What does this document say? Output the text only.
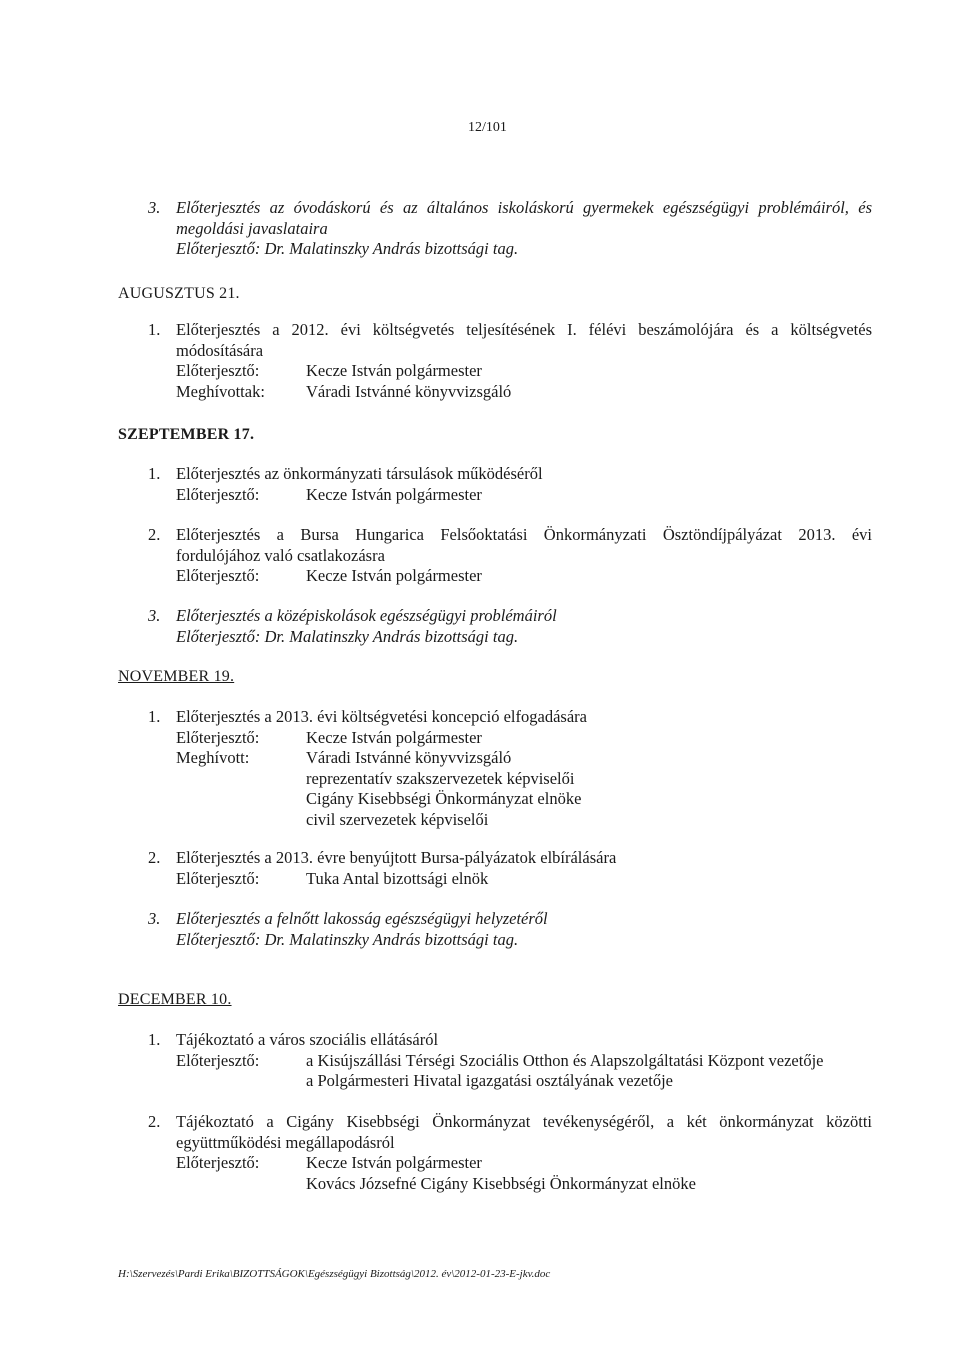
12/101
3. Előterjesztés az óvodáskorú és az általános iskoláskorú gyermekek egészségügyi problémáiról, és
megoldási javaslataira
Előterjesztő: Dr. Malatinszky András bizottsági tag.
AUGUSZTUS 21.
1. Előterjesztés a 2012. évi költségvetés teljesítésének I. félévi beszámolójára és a költségvetés
módosítására
Előterjesztő:	Kecze István polgármester
Meghívottak:	Váradi Istvánné könyvvizsgáló
SZEPTEMBER 17.
1. Előterjesztés az önkormányzati társulások működéséről
Előterjesztő:	Kecze István polgármester
2. Előterjesztés a Bursa Hungarica Felsőoktatási Önkormányzati Ösztöndíjpályázat 2013. évi
fordulójához való csatlakozásra
Előterjesztő:	Kecze István polgármester
3. Előterjesztés a középiskolások egészségügyi problémáiról
Előterjesztő: Dr. Malatinszky András bizottsági tag.
NOVEMBER 19.
1. Előterjesztés a 2013. évi költségvetési koncepció elfogadására
Előterjesztő:	Kecze István polgármester
Meghívott:	Váradi Istvánné könyvvizsgáló
reprezentatív szakszervezetek képviselői
Cigány Kisebbségi Önkormányzat elnöke
civil szervezetek képviselői
2. Előterjesztés a 2013. évre benyújtott Bursa-pályázatok elbírálására
Előterjesztő:	Tuka Antal bizottsági elnök
3. Előterjesztés a felnőtt lakosság egészségügyi helyzetéről
Előterjesztő: Dr. Malatinszky András bizottsági tag.
DECEMBER 10.
1. Tájékoztató a város szociális ellátásáról
Előterjesztő:	a Kisújszállási Térségi Szociális Otthon és Alapszolgáltatási Központ vezetője
a Polgármesteri Hivatal igazgatási osztályának vezetője
2. Tájékoztató a Cigány Kisebbségi Önkormányzat tevékenységéről, a két önkormányzat közötti
együttműködési megállapodásról
Előterjesztő:	Kecze István polgármester
Kovács Józsefné Cigány Kisebbségi Önkormányzat elnöke
H:\Szervezés\Pardi Erika\BIZOTTSÁGOK\Egészségügyi Bizottság\2012. év\2012-01-23-E-jkv.doc
